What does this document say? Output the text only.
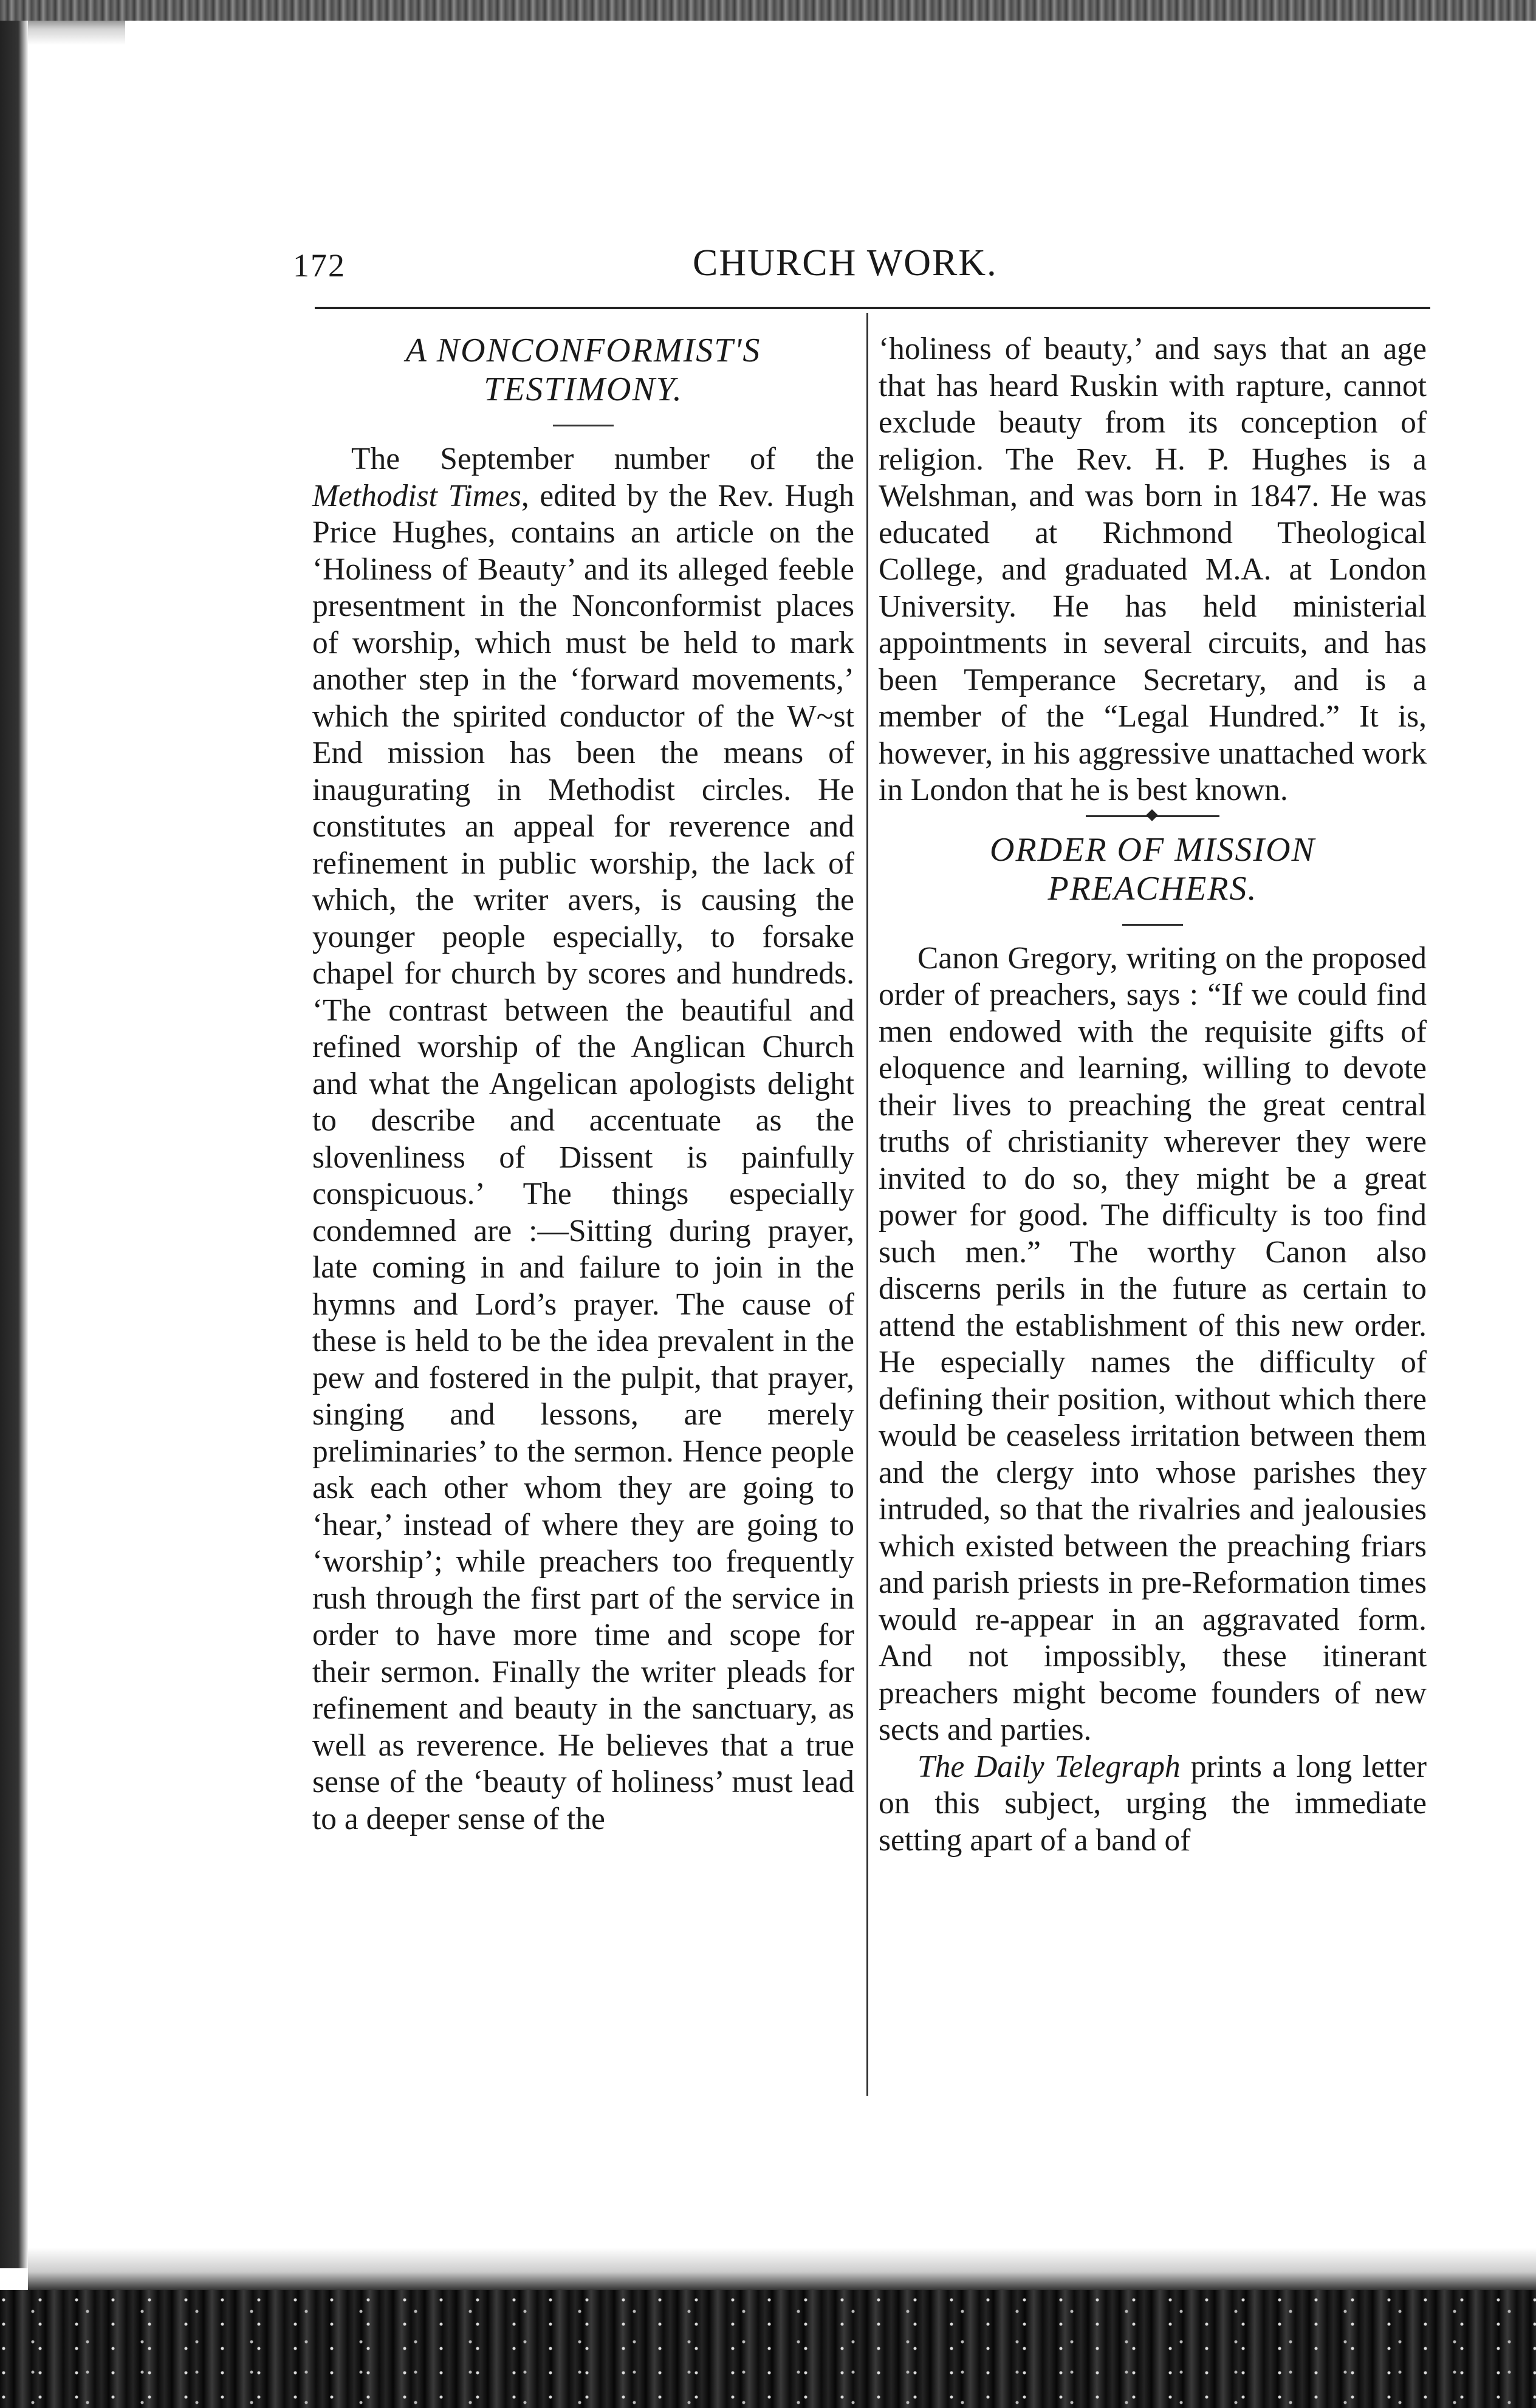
172	CHURCH WORK.
A NONCONFORMIST'S
TESTIMONY.

The September number of the Methodist Times, edited by the Rev. Hugh Price Hughes, contains an article on the ‘Holiness of Beauty’ and its alleged feeble presentment in the Nonconformist places of worship, which must be held to mark another step in the ‘forward movements,’ which the spirited conductor of the W~st End mission has been the means of inaugurating in Methodist circles. He constitutes an appeal for reverence and refinement in public worship, the lack of which, the writer avers, is causing the younger people especially, to forsake chapel for church by scores and hundreds. ‘The contrast between the beautiful and refined worship of the Anglican Church and what the Angelican apologists delight to describe and accentuate as the slovenliness of Dissent is painfully conspicuous.’ The things especially condemned are :—Sitting during prayer, late coming in and failure to join in the hymns and Lord’s prayer. The cause of these is held to be the idea prevalent in the pew and fostered in the pulpit, that prayer, singing and lessons, are merely preliminaries’ to the sermon. Hence people ask each other whom they are going to ‘hear,’ instead of where they are going to ‘worship’; while preachers too frequently rush through the first part of the service in order to have more time and scope for their sermon. Finally the writer pleads for refinement and beauty in the sanctuary, as well as reverence. He believes that a true sense of the ‘beauty of holiness’ must lead to a deeper sense of the

‘holiness of beauty,’ and says that an age that has heard Ruskin with rapture, cannot exclude beauty from its conception of religion. The Rev. H. P. Hughes is a Welshman, and was born in 1847. He was educated at Richmond Theological College, and graduated M.A. at London University. He has held ministerial appointments in several circuits, and has been Temperance Secretary, and is a member of the “Legal Hundred.” It is, however, in his aggressive unattached work in London that he is best known.

ORDER OF MISSION
PREACHERS.

Canon Gregory, writing on the proposed order of preachers, says : “If we could find men endowed with the requisite gifts of eloquence and learning, willing to devote their lives to preaching the great central truths of christianity wherever they were invited to do so, they might be a great power for good. The difficulty is too find such men.” The worthy Canon also discerns perils in the future as certain to attend the establishment of this new order. He especially names the difficulty of defining their position, without which there would be ceaseless irritation between them and the clergy into whose parishes they intruded, so that the rivalries and jealousies which existed between the preaching friars and parish priests in pre-Reformation times would re-appear in an aggravated form. And not impossibly, these itinerant preachers might become founders of new sects and parties.

The Daily Telegraph prints a long letter on this subject, urging the immediate setting apart of a band of
